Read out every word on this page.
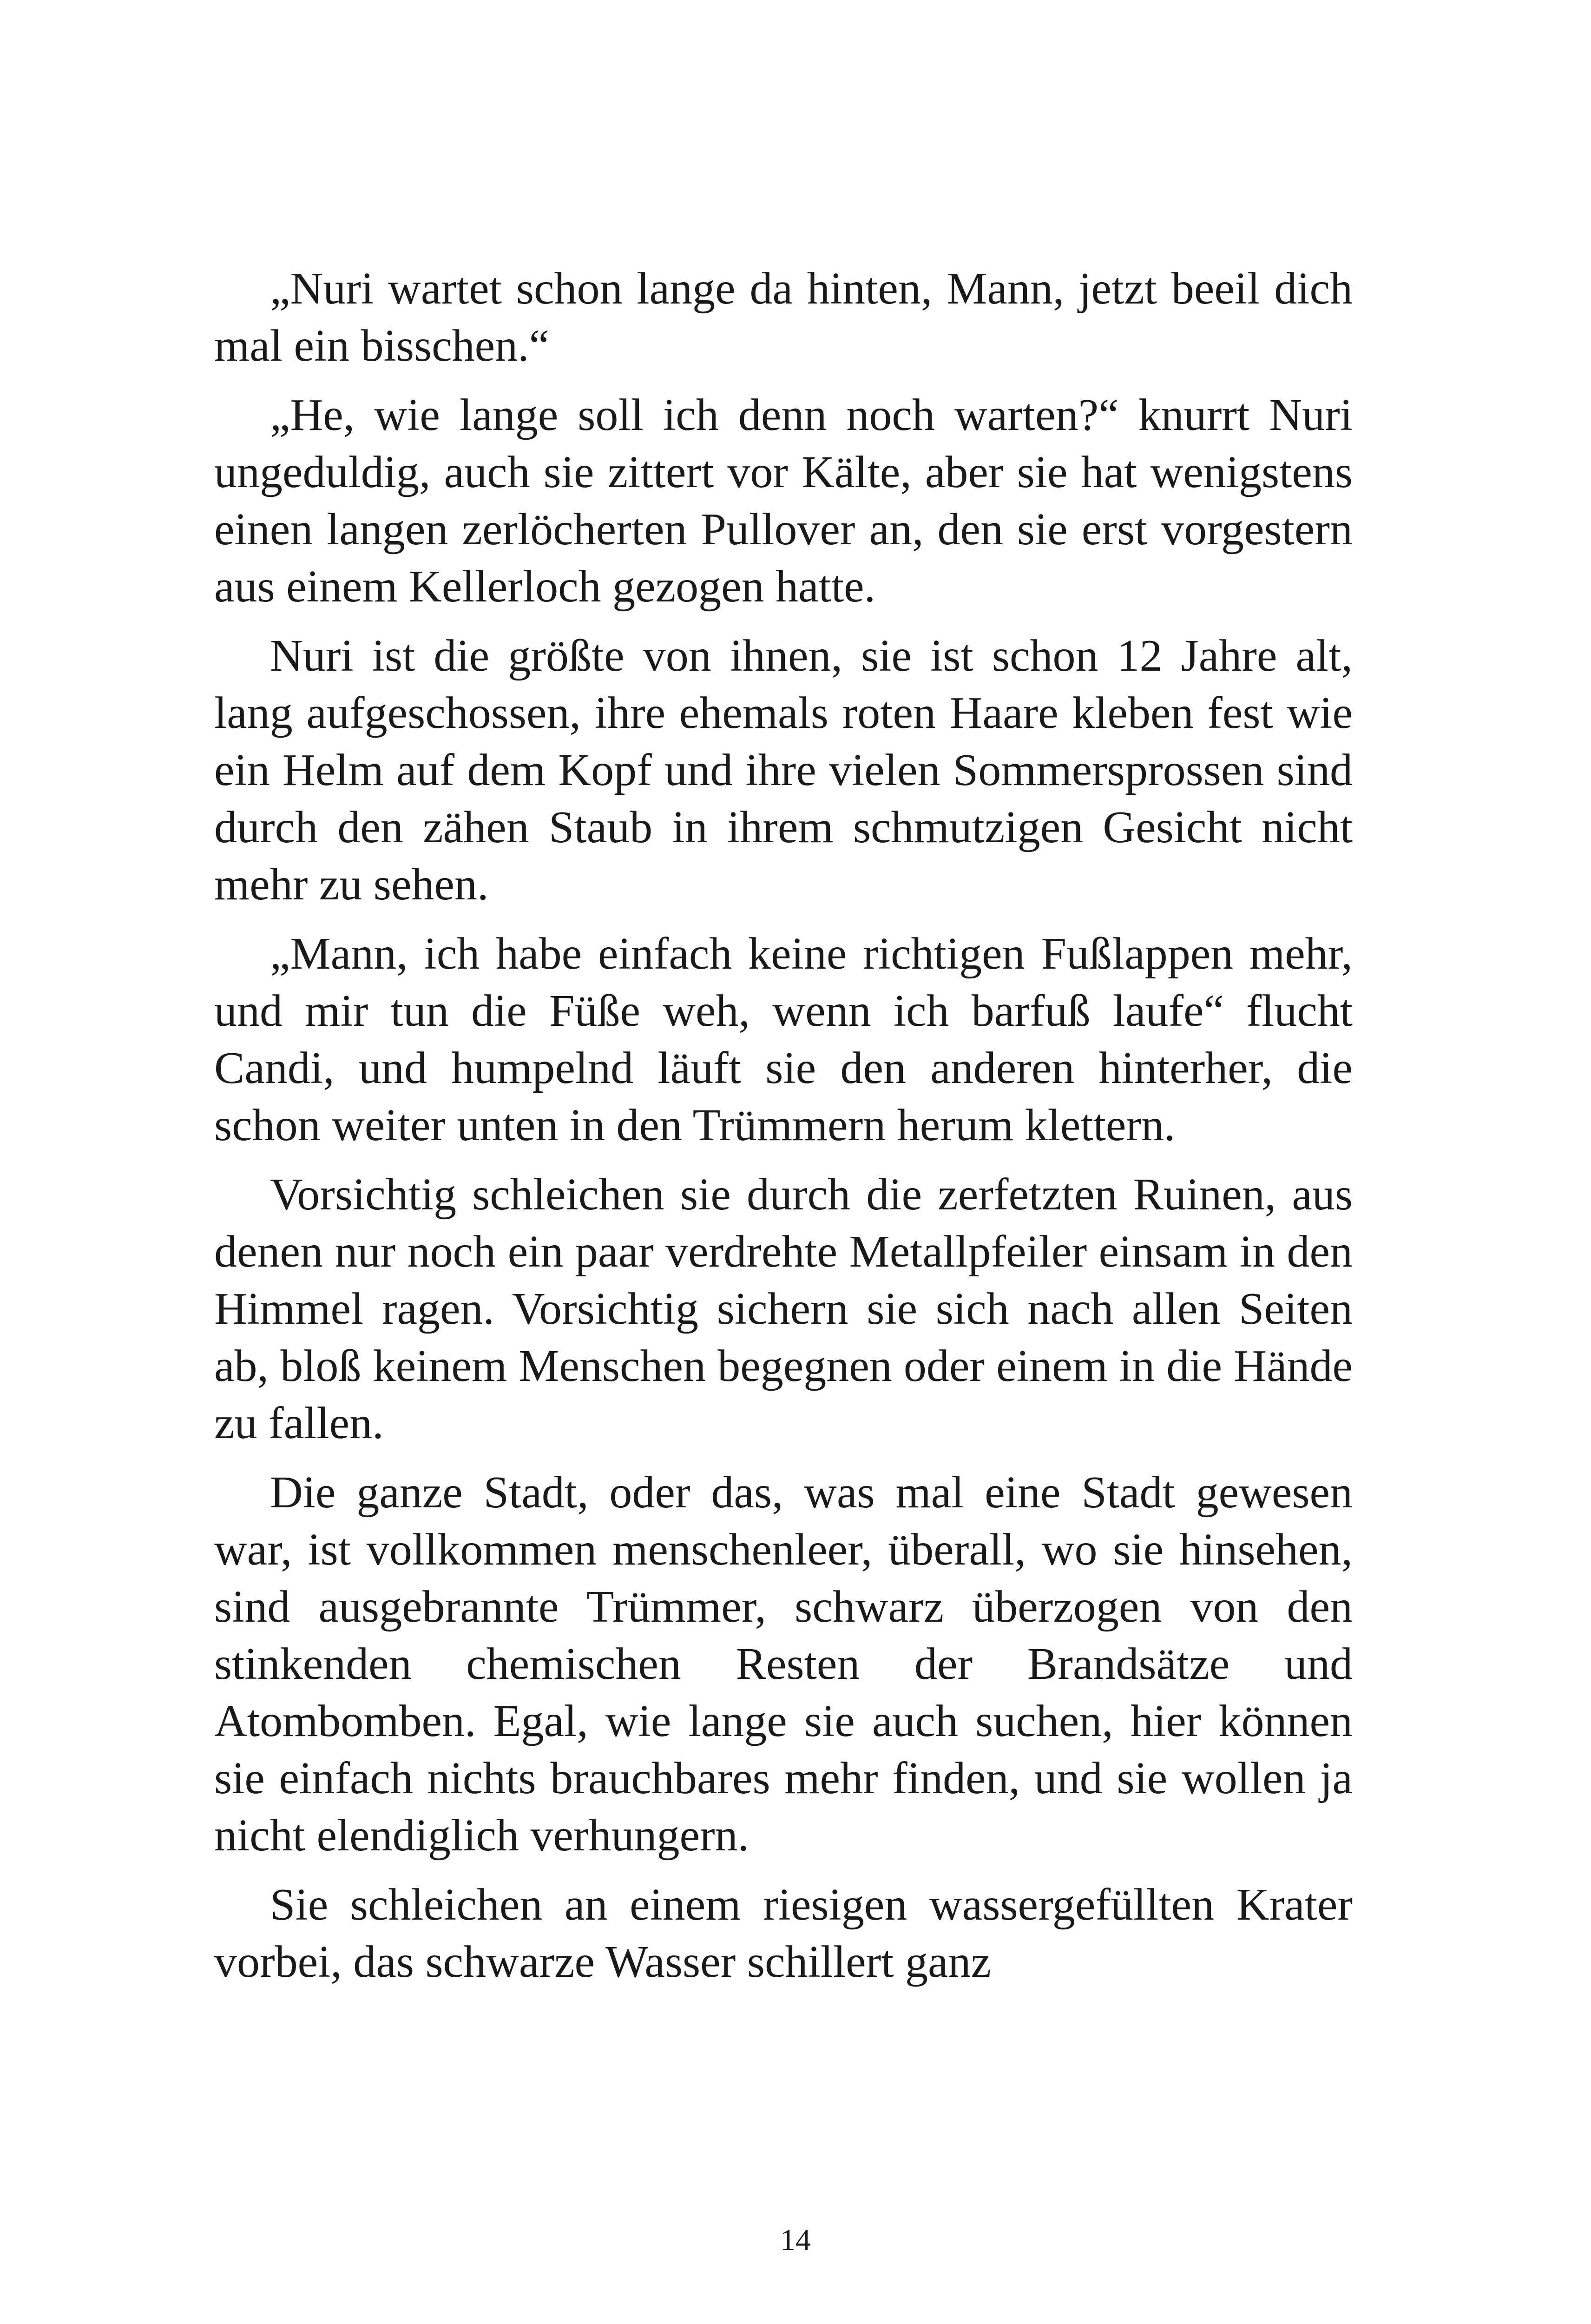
„Nuri wartet schon lange da hinten, Mann, jetzt beeil dich mal ein bisschen.“

„He, wie lange soll ich denn noch warten?“ knurrt Nuri ungeduldig, auch sie zittert vor Kälte, aber sie hat wenigstens einen langen zerlöcherten Pullover an, den sie erst vorgestern aus einem Kellerloch gezogen hatte.

Nuri ist die größte von ihnen, sie ist schon 12 Jahre alt, lang aufgeschossen, ihre ehemals roten Haare kleben fest wie ein Helm auf dem Kopf und ihre vielen Sommersprossen sind durch den zähen Staub in ihrem schmutzigen Gesicht nicht mehr zu sehen.

„Mann, ich habe einfach keine richtigen Fußlappen mehr, und mir tun die Füße weh, wenn ich barfuß laufe“ flucht Candi, und humpelnd läuft sie den anderen hinterher, die schon weiter unten in den Trümmern herum klettern.

Vorsichtig schleichen sie durch die zerfetzten Ruinen, aus denen nur noch ein paar verdrehte Metallpfeiler einsam in den Himmel ragen. Vorsichtig sichern sie sich nach allen Seiten ab, bloß keinem Menschen begegnen oder einem in die Hände zu fallen.

Die ganze Stadt, oder das, was mal eine Stadt gewesen war, ist vollkommen menschenleer, überall, wo sie hinsehen, sind ausgebrannte Trümmer, schwarz überzogen von den stinkenden chemischen Resten der Brandsätze und Atombomben. Egal, wie lange sie auch suchen, hier können sie einfach nichts brauchbares mehr finden, und sie wollen ja nicht elendiglich verhungern.

Sie schleichen an einem riesigen wassergefüllten Krater vorbei, das schwarze Wasser schillert ganz

14
